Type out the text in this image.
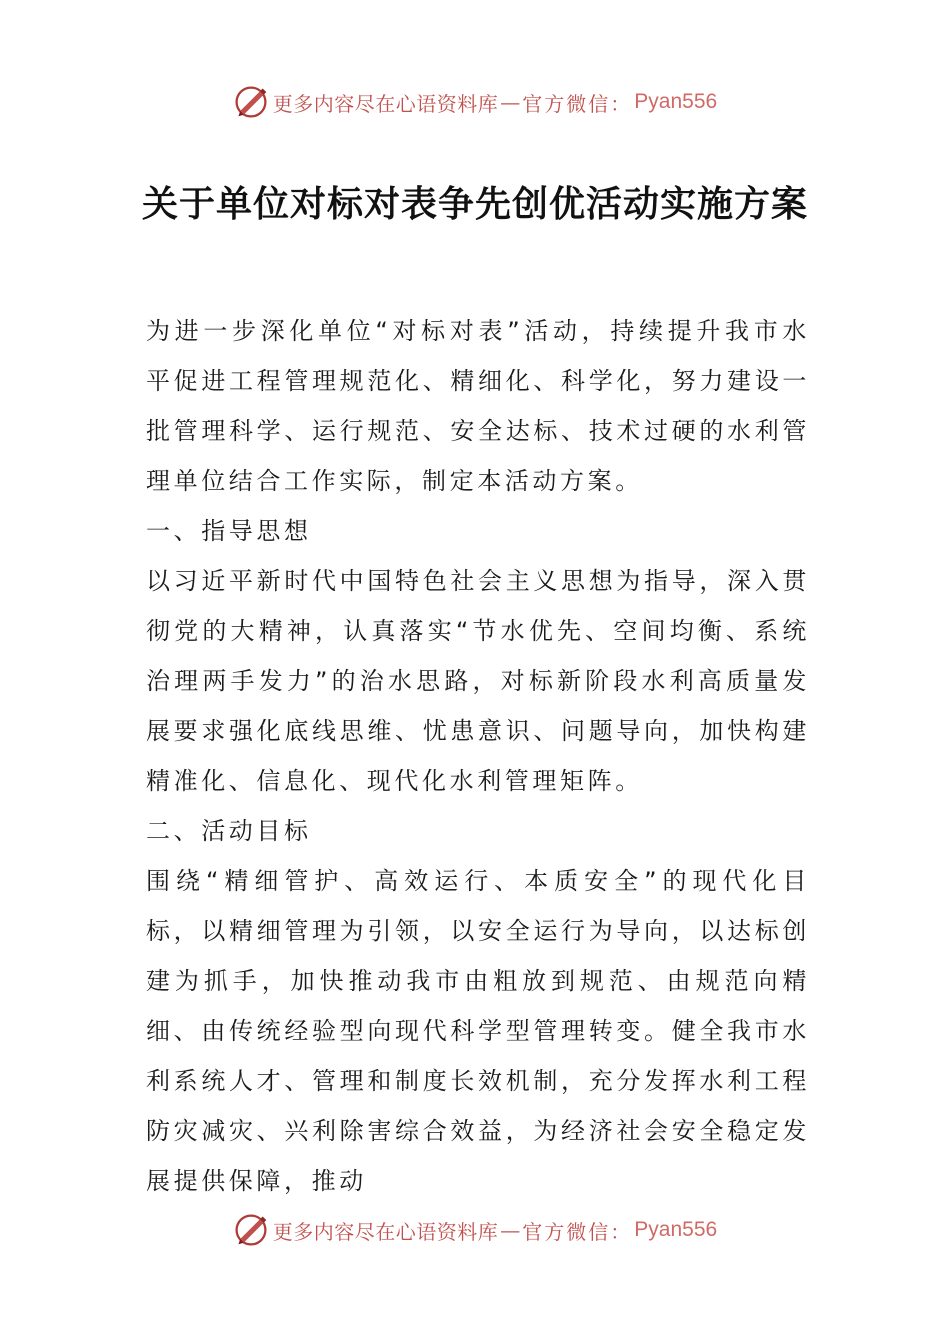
更多内容尽在心语资料库 — 官方微信： Pyan556
关于单位对标对表争先创优活动实施方案

为进一步深化单位“对标对表”活动，持续提升我市水平促进工程管理规范化、精细化、科学化，努力建设一批管理科学、运行规范、安全达标、技术过硬的水利管理单位结合工作实际，制定本活动方案。

一、指导思想

以习近平新时代中国特色社会主义思想为指导，深入贯彻党的大精神，认真落实“节水优先、空间均衡、系统治理两手发力”的治水思路，对标新阶段水利高质量发展要求强化底线思维、忧患意识、问题导向，加快构建精准化、信息化、现代化水利管理矩阵。

二、活动目标

围绕“精细管护、高效运行、本质安全”的现代化目标，以精细管理为引领，以安全运行为导向，以达标创建为抓手，加快推动我市由粗放到规范、由规范向精细、由传统经验型向现代科学型管理转变。健全我市水利系统人才、管理和制度长效机制，充分发挥水利工程防灾减灾、兴利除害综合效益，为经济社会安全稳定发展提供保障，推动

更多内容尽在心语资料库 — 官方微信： Pyan556
